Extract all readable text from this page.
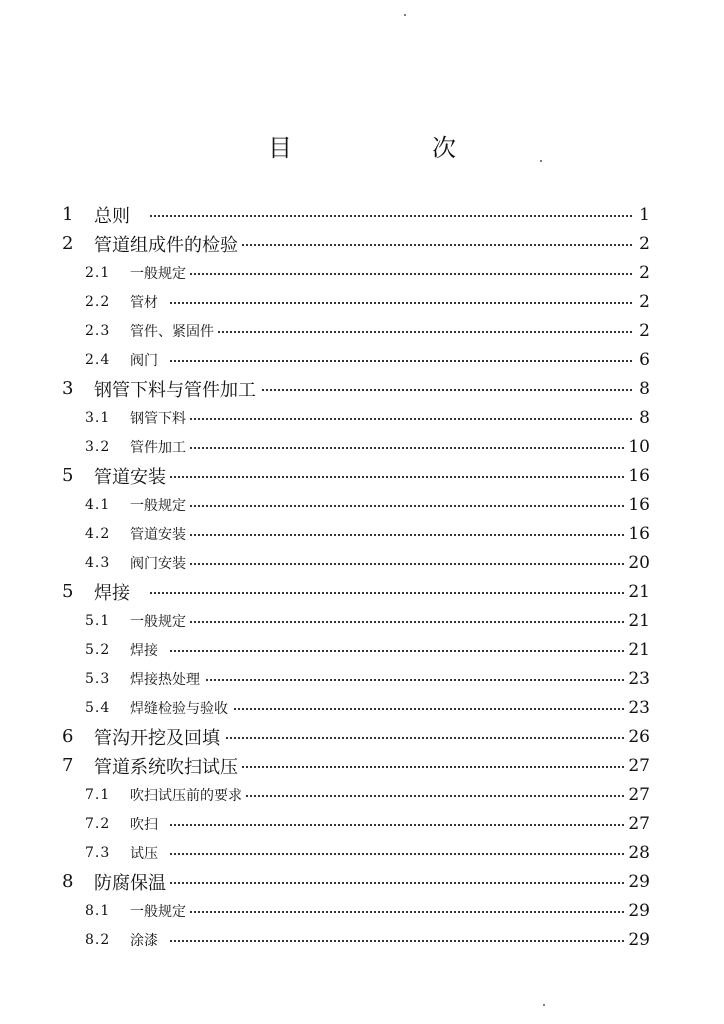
目　次
1	总则	1
2	管道组成件的检验	2
2.1	一般规定	2
2.2	管材	2
2.3	管件、紧固件	2
2.4	阀门	6
3	钢管下料与管件加工	8
3.1	钢管下料	8
3.2	管件加工	10
5	管道安装	16
4.1	一般规定	16
4.2	管道安装	16
4.3	阀门安装	20
5	焊接	21
5.1	一般规定	21
5.2	焊接	21
5.3	焊接热处理	23
5.4	焊缝检验与验收	23
6	管沟开挖及回填	26
7	管道系统吹扫试压	27
7.1	吹扫试压前的要求	27
7.2	吹扫	27
7.3	试压	28
8	防腐保温	29
8.1	一般规定	29
8.2	涂漆	29
